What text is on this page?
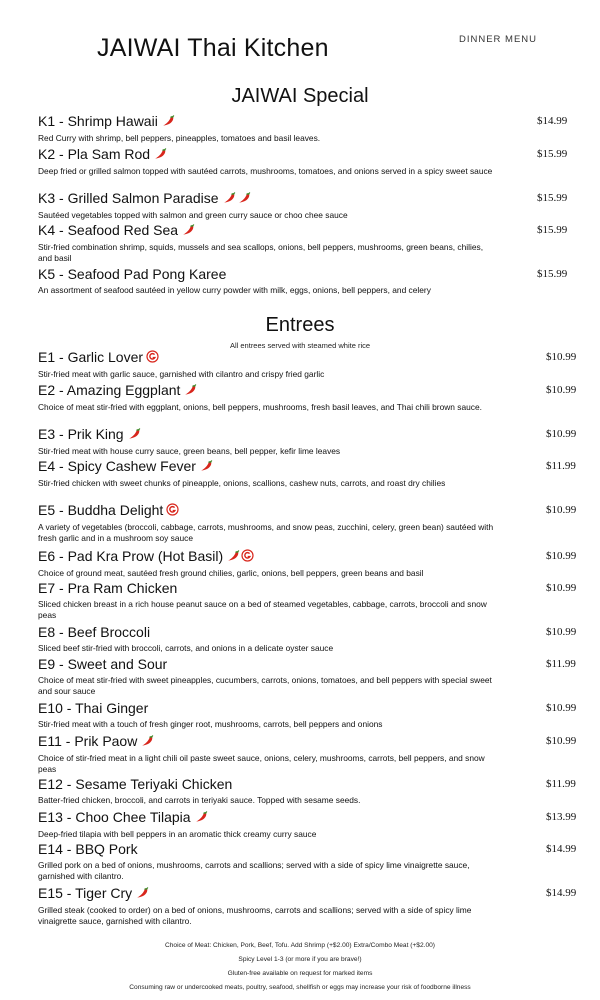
JAIWAI Thai Kitchen	DINNER MENU
JAIWAI Special
K1 - Shrimp Hawaii
Red Curry with shrimp, bell peppers, pineapples, tomatoes and basil leaves.
$14.99
K2 - Pla Sam Rod
Deep fried or grilled salmon topped with sautéed carrots, mushrooms, tomatoes, and onions served in a spicy sweet sauce
$15.99
K3 - Grilled Salmon Paradise
Sautéed vegetables topped with salmon and green curry sauce or choo chee sauce
$15.99
K4 - Seafood Red Sea
Stir-fried combination shrimp, squids, mussels and sea scallops, onions, bell peppers, mushrooms, green beans, chilies, and basil
$15.99
K5 - Seafood Pad Pong Karee
An assortment of seafood sautéed in yellow curry powder with milk, eggs, onions, bell peppers, and celery
$15.99
Entrees
All entrees served with steamed white rice
E1 - Garlic Lover
Stir-fried meat with garlic sauce, garnished with cilantro and crispy fried garlic
$10.99
E2 - Amazing Eggplant
Choice of meat stir-fried with eggplant, onions, bell peppers, mushrooms, fresh basil leaves, and Thai chili brown sauce.
$10.99
E3 - Prik King
Stir-fried meat with house curry sauce, green beans, bell pepper, kefir lime leaves
$10.99
E4 - Spicy Cashew Fever
Stir-fried chicken with sweet chunks of pineapple, onions, scallions, cashew nuts, carrots, and roast dry chilies
$11.99
E5 - Buddha Delight
A variety of vegetables (broccoli, cabbage, carrots, mushrooms, and snow peas, zucchini, celery, green bean) sautéed with fresh garlic and in a mushroom soy sauce
$10.99
E6 - Pad Kra Prow (Hot Basil)
Choice of ground meat, sautéed fresh ground chilies, garlic, onions, bell peppers, green beans and basil
$10.99
E7 - Pra Ram Chicken
Sliced chicken breast in a rich house peanut sauce on a bed of steamed vegetables, cabbage, carrots, broccoli and snow peas
$10.99
E8 - Beef Broccoli
Sliced beef stir-fried with broccoli, carrots, and onions in a delicate oyster sauce
$10.99
E9 - Sweet and Sour
Choice of meat stir-fried with sweet pineapples, cucumbers, carrots, onions, tomatoes, and bell peppers with special sweet and sour sauce
$11.99
E10 - Thai Ginger
Stir-fried meat with a touch of fresh ginger root, mushrooms, carrots, bell peppers and onions
$10.99
E11 - Prik Paow
Choice of stir-fried meat in a light chili oil paste sweet sauce, onions, celery, mushrooms, carrots, bell peppers, and snow peas
$10.99
E12 - Sesame Teriyaki Chicken
Batter-fried chicken, broccoli, and carrots in teriyaki sauce. Topped with sesame seeds.
$11.99
E13 - Choo Chee Tilapia
Deep-fried tilapia with bell peppers in an aromatic thick creamy curry sauce
$13.99
E14 - BBQ Pork
Grilled pork on a bed of onions, mushrooms, carrots and scallions; served with a side of spicy lime vinaigrette sauce, garnished with cilantro.
$14.99
E15 - Tiger Cry
Grilled steak (cooked to order) on a bed of onions, mushrooms, carrots and scallions; served with a side of spicy lime vinaigrette sauce, garnished with cilantro.
$14.99
Choice of Meat: Chicken, Pork, Beef, Tofu. Add Shrimp (+$2.00) Extra/Combo Meat (+$2.00)
Spicy Level 1-3 (or more if you are brave!)
Gluten-free available on request for marked items
Consuming raw or undercooked meats, poultry, seafood, shellfish or eggs may increase your risk of foodborne illness
